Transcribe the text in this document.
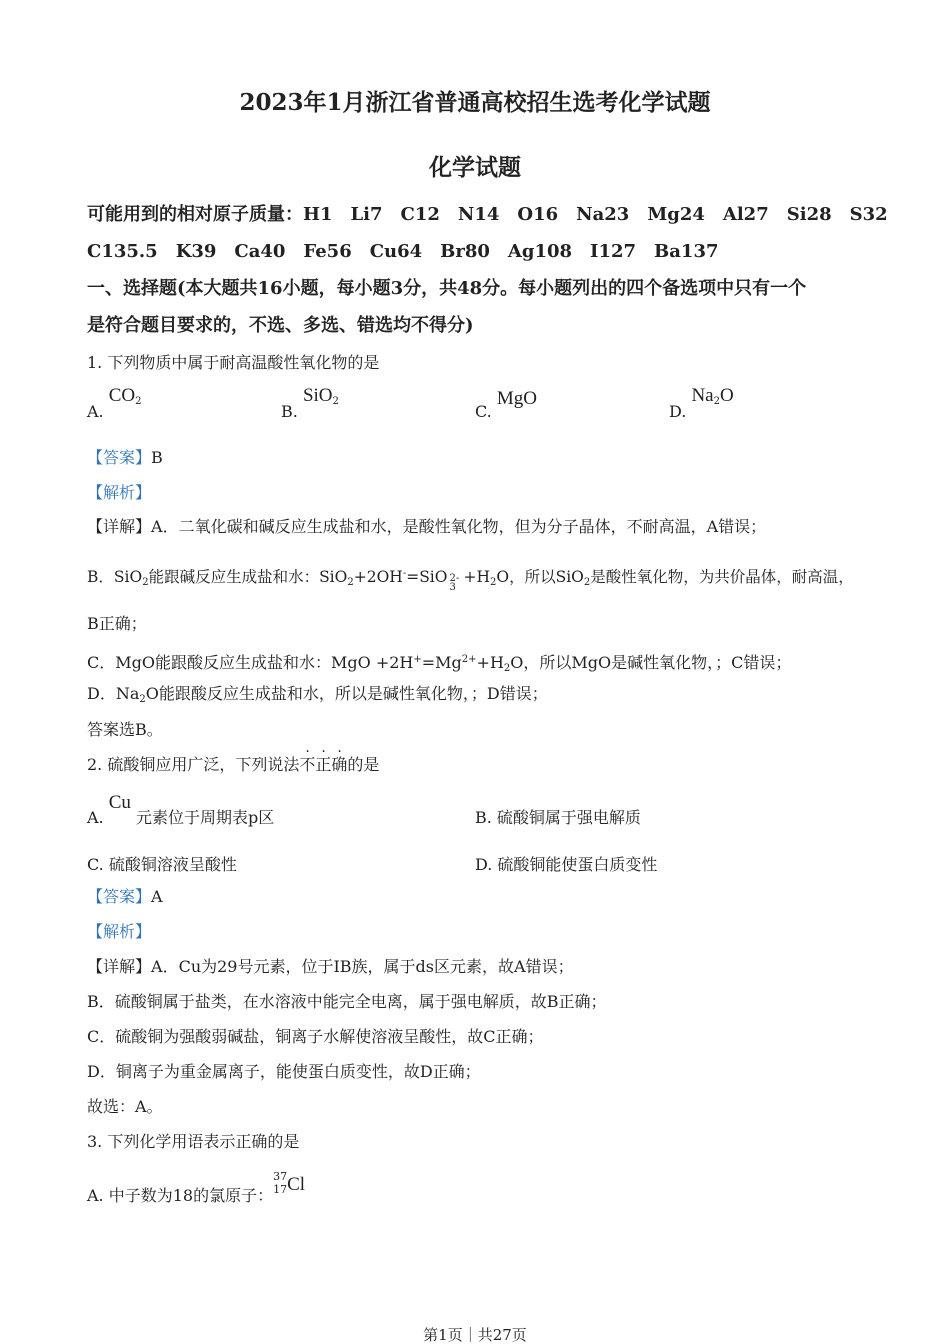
2023年1月浙江省普通高校招生选考化学试题
化学试题
可能用到的相对原子质量：H1　Li7　C12　N14　O16　Na23　Mg24　Al27　Si28　S32
C135.5　K39　Ca40　Fe56　Cu64　Br80　Ag108　I127　Ba137
一、选择题(本大题共16小题，每小题3分，共48分。每小题列出的四个备选项中只有一个
是符合题目要求的，不选、多选、错选均不得分)
1. 下列物质中属于耐高温酸性氧化物的是
A. $CO_2$
B. SiO$_2$
C. MgO
D. $Na_2O$
【答案】B
【解析】
【详解】A．二氧化碳和碱反应生成盐和水，是酸性氧化物，但为分子晶体，不耐高温，A错误；
B．SiO$_2$能跟碱反应生成盐和水：SiO$_2$+2OH-=SiO 2-
3
$+H_2O$，所以SiO$_2$是酸性氧化物，为共价晶体，耐高温，
B正确；
C．MgO能跟酸反应生成盐和水：MgO $+2H^+=Mg^{2+}+H_2O$，所以MgO是碱性氧化物，；C错误；
D．$Na_2O$能跟酸反应生成盐和水，所以是碱性氧化物，；D错误；
答案选B。
2. 硫酸铜应用广泛，下列说法不正确的是
A. Cu 元素位于周期表p区	B. 硫酸铜属于强电解质
C. 硫酸铜溶液呈酸性	D. 硫酸铜能使蛋白质变性
【答案】A
【解析】
【详解】A．Cu为29号元素，位于IB族，属于ds区元素，故A错误；
B．硫酸铜属于盐类，在水溶液中能完全电离，属于强电解质，故B正确；
C．硫酸铜为强酸弱碱盐，铜离子水解使溶液呈酸性，故C正确；
D．铜离子为重金属离子，能使蛋白质变性，故D正确；
故选：A。
3. 下列化学用语表示正确的是
A. 中子数为18的氯原子：
37
17 Cl
第1页｜共27页
